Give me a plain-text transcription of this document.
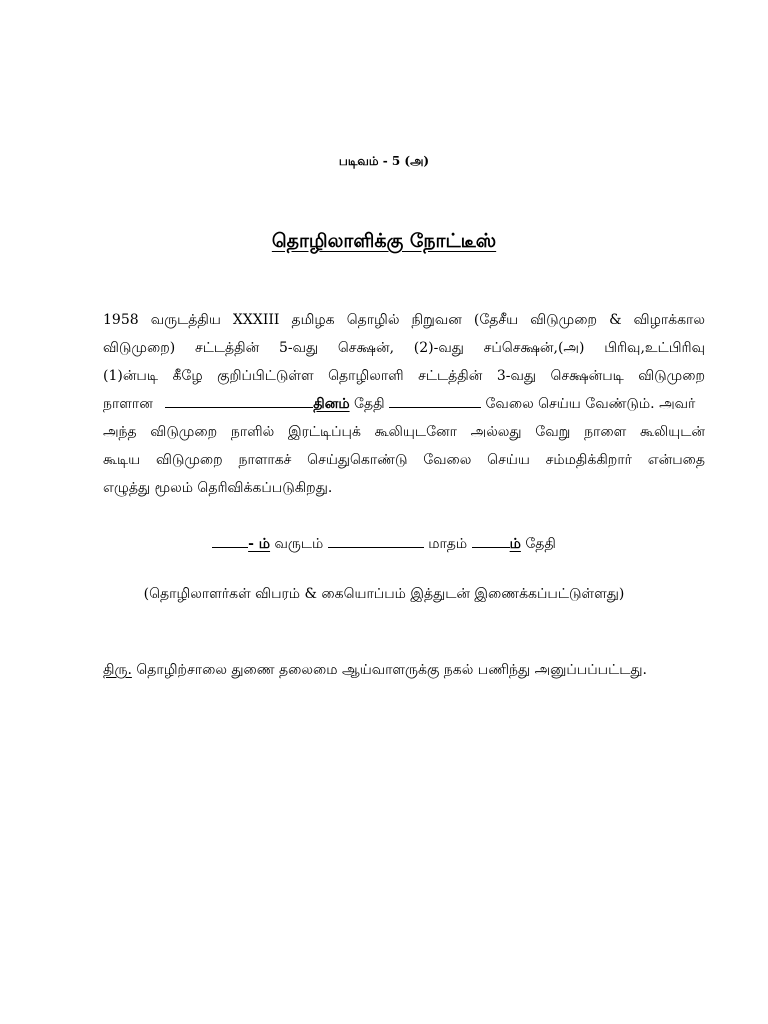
படிவம் - 5 (அ)
தொழிலாளிக்கு நோட்டீஸ்
1958 வருடத்திய XXXIII தமிழக தொழில் நிறுவன (தேசீய விடுமுறை & விழாக்கால
விடுமுறை) சட்டத்தின் 5-வது செக்ஷன், (2)-வது சப்செக்ஷன்,(அ) பிரிவு,உட்பிரிவு
(1)ன்படி கீழே குறிப்பிட்டுள்ள தொழிலாளி சட்டத்தின் 3-வது செக்ஷன்படி விடுமுறை
நாளான	தினம் தேதி	வேலை செய்ய வேண்டும். அவர்
அந்த விடுமுறை நாளில் இரட்டிப்புக் கூலியுடனோ அல்லது வேறு நாளை கூலியுடன்
கூடிய விடுமுறை நாளாகச் செய்துகொண்டு வேலை செய்ய சம்மதிக்கிறார் என்பதை
எழுத்து மூலம் தெரிவிக்கப்படுகிறது.
- ம் வருடம்	மாதம்	ம் தேதி
(தொழிலாளர்கள் விபரம் & கையொப்பம் இத்துடன் இணைக்கப்பட்டுள்ளது)
திரு. தொழிற்சாலை துணை தலைமை ஆய்வாளருக்கு நகல் பணிந்து அனுப்பப்பட்டது.
